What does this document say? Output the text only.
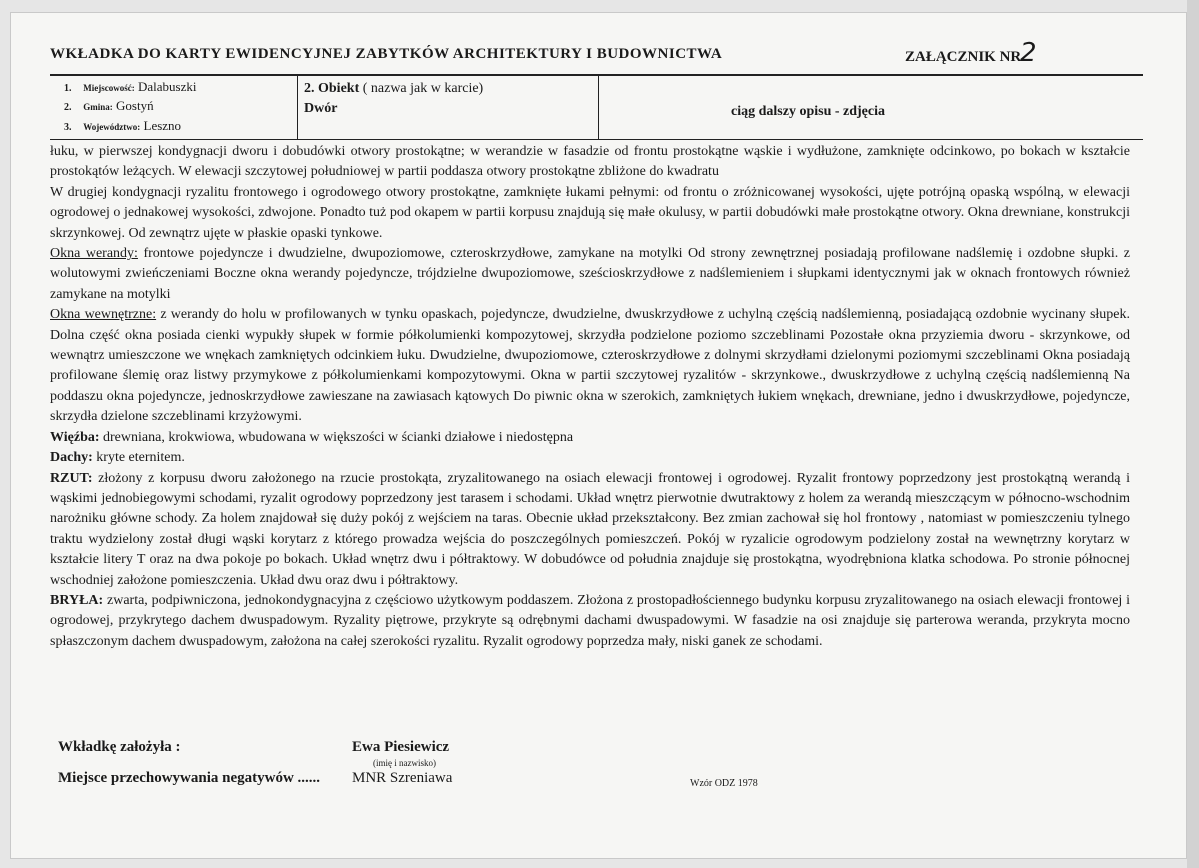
WKŁADKA DO KARTY EWIDENCYJNEJ ZABYTKÓW ARCHITEKTURY I BUDOWNICTWA	ZAŁĄCZNIK NR
2
1. Miejscowość: Dalabuszki
2. Gmina: Gostyń
3. Województwo: Leszno
2. Obiekt ( nazwa jak w karcie)
Dwór	ciąg dalszy opisu - zdjęcia

łuku, w pierwszej kondygnacji dworu i dobudówki otwory prostokątne; w werandzie w fasadzie od frontu prostokątne wąskie i wydłużone, zamknięte odcinkowo, po bokach w kształcie prostokątów leżących. W elewacji szczytowej południowej w partii poddasza otwory prostokątne zbliżone do kwadratu

W drugiej kondygnacji ryzalitu frontowego i ogrodowego otwory prostokątne, zamknięte łukami pełnymi: od frontu o zróżnicowanej wysokości, ujęte potrójną opaską wspólną, w elewacji ogrodowej o jednakowej wysokości, zdwojone. Ponadto tuż pod okapem w partii korpusu znajdują się małe okulusy, w partii dobudówki małe prostokątne otwory. Okna drewniane, konstrukcji skrzynkowej. Od zewnątrz ujęte w płaskie opaski tynkowe.

Okna werandy: frontowe pojedyncze i dwudzielne, dwupoziomowe, czteroskrzydłowe, zamykane na motylki Od strony zewnętrznej posiadają profilowane nadślemię i ozdobne słupki. z wolutowymi zwieńczeniami Boczne okna werandy pojedyncze, trójdzielne dwupoziomowe, sześcioskrzydłowe z nadślemieniem i słupkami identycznymi jak w oknach frontowych również zamykane na motylki

Okna wewnętrzne: z werandy do holu w profilowanych w tynku opaskach, pojedyncze, dwudzielne, dwuskrzydłowe z uchylną częścią nadślemienną, posiadającą ozdobnie wycinany słupek. Dolna część okna posiada cienki wypukły słupek w formie półkolumienki kompozytowej, skrzydła podzielone poziomo szczeblinami Pozostałe okna przyziemia dworu - skrzynkowe, od wewnątrz umieszczone we wnękach zamkniętych odcinkiem łuku. Dwudzielne, dwupoziomowe, czteroskrzydłowe z dolnymi skrzydłami dzielonymi poziomymi szczeblinami Okna posiadają profilowane ślemię oraz listwy przymykowe z półkolumienkami kompozytowymi. Okna w partii szczytowej ryzalitów - skrzynkowe., dwuskrzydłowe z uchylną częścią nadślemienną Na poddaszu okna pojedyncze, jednoskrzydłowe zawieszane na zawiasach kątowych Do piwnic okna w szerokich, zamkniętych łukiem wnękach, drewniane, jedno i dwuskrzydłowe, pojedyncze, skrzydła dzielone szczeblinami krzyżowymi.

Więźba: drewniana, krokwiowa, wbudowana w większości w ścianki działowe i niedostępna

Dachy: kryte eternitem.

RZUT: złożony z korpusu dworu założonego na rzucie prostokąta, zryzalitowanego na osiach elewacji frontowej i ogrodowej. Ryzalit frontowy poprzedzony jest prostokątną werandą i wąskimi jednobiegowymi schodami, ryzalit ogrodowy poprzedzony jest tarasem i schodami. Układ wnętrz pierwotnie dwutraktowy z holem za werandą mieszczącym w północno-wschodnim narożniku główne schody. Za holem znajdował się duży pokój z wejściem na taras. Obecnie układ przekształcony. Bez zmian zachował się hol frontowy , natomiast w pomieszczeniu tylnego traktu wydzielony został długi wąski korytarz z którego prowadza wejścia do poszczególnych pomieszczeń. Pokój w ryzalicie ogrodowym podzielony został na wewnętrzny korytarz w kształcie litery T oraz na dwa pokoje po bokach. Układ wnętrz dwu i półtraktowy. W dobudówce od południa znajduje się prostokątna, wyodrębniona klatka schodowa. Po stronie północnej wschodniej założone pomieszczenia. Układ dwu oraz dwu i półtraktowy.

BRYŁA: zwarta, podpiwniczona, jednokondygnacyjna z częściowo użytkowym poddaszem. Złożona z prostopadłościennego budynku korpusu zryzalitowanego na osiach elewacji frontowej i ogrodowej, przykrytego dachem dwuspadowym. Ryzality piętrowe, przykryte są odrębnymi dachami dwuspadowymi. W fasadzie na osi znajduje się parterowa weranda, przykryta mocno spłaszczonym dachem dwuspadowym, założona na całej szerokości ryzalitu. Ryzalit ogrodowy poprzedza mały, niski ganek ze schodami.

Wkładkę założyła :	Ewa Piesiewicz
(imię i nazwisko)
Miejsce przechowywania negatywów ...... MNR Szreniawa	Wzór ODZ 1978
